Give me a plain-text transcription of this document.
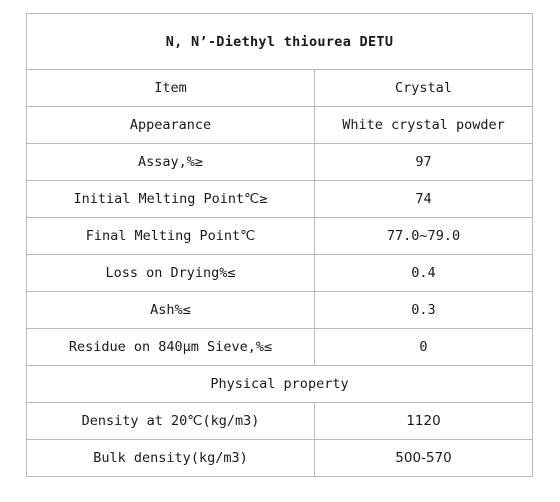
N, N’-Diethyl thiourea DETU	
Item	Crystal
Appearance	White crystal powder
Assay,%≥	97
Initial Melting Point℃≥	74
Final Melting Point℃	77.0~79.0
Loss on Drying%≤	0.4
Ash%≤	0.3
Residue on 840μm Sieve,%≤	0
Physical property	
Density at 20℃(kg/m3)	1120
Bulk density(kg/m3)	500-570
